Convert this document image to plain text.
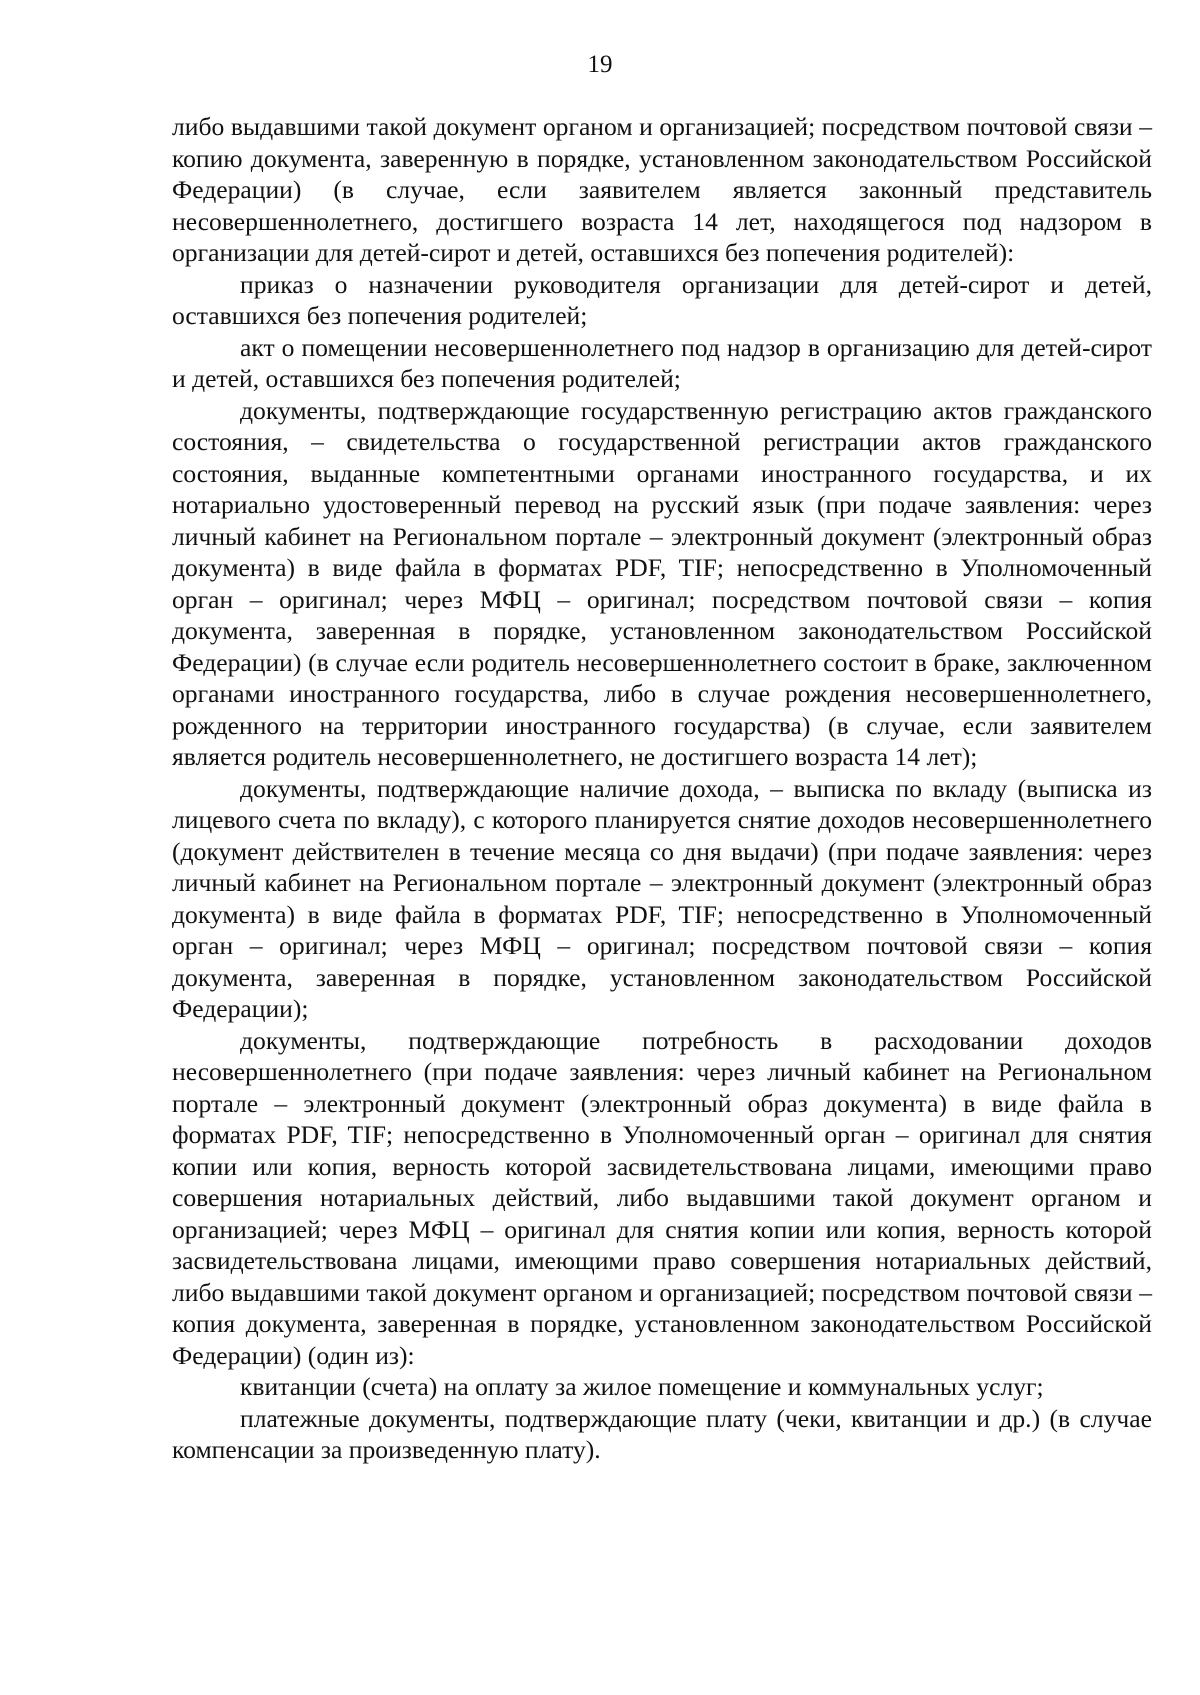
19

либо выдавшими такой документ органом и организацией; посредством почтовой связи – копию документа, заверенную в порядке, установленном законодательством Российской Федерации) (в случае, если заявителем является законный представитель несовершеннолетнего, достигшего возраста 14 лет, находящегося под надзором в организации для детей-сирот и детей, оставшихся без попечения родителей):

приказ о назначении руководителя организации для детей-сирот и детей, оставшихся без попечения родителей;

акт о помещении несовершеннолетнего под надзор в организацию для детей-сирот и детей, оставшихся без попечения родителей;

документы, подтверждающие государственную регистрацию актов гражданского состояния, – свидетельства о государственной регистрации актов гражданского состояния, выданные компетентными органами иностранного государства, и их нотариально удостоверенный перевод на русский язык (при подаче заявления: через личный кабинет на Региональном портале – электронный документ (электронный образ документа) в виде файла в форматах PDF, TIF; непосредственно в Уполномоченный орган – оригинал; через МФЦ – оригинал; посредством почтовой связи – копия документа, заверенная в порядке, установленном законодательством Российской Федерации) (в случае если родитель несовершеннолетнего состоит в браке, заключенном органами иностранного государства, либо в случае рождения несовершеннолетнего, рожденного на территории иностранного государства) (в случае, если заявителем является родитель несовершеннолетнего, не достигшего возраста 14 лет);

документы, подтверждающие наличие дохода, – выписка по вкладу (выписка из лицевого счета по вкладу), с которого планируется снятие доходов несовершеннолетнего (документ действителен в течение месяца со дня выдачи) (при подаче заявления: через личный кабинет на Региональном портале – электронный документ (электронный образ документа) в виде файла в форматах PDF, TIF; непосредственно в Уполномоченный орган – оригинал; через МФЦ – оригинал; посредством почтовой связи – копия документа, заверенная в порядке, установленном законодательством Российской Федерации);

документы, подтверждающие потребность в расходовании доходов несовершеннолетнего (при подаче заявления: через личный кабинет на Региональном портале – электронный документ (электронный образ документа) в виде файла в форматах PDF, TIF; непосредственно в Уполномоченный орган – оригинал для снятия копии или копия, верность которой засвидетельствована лицами, имеющими право совершения нотариальных действий, либо выдавшими такой документ органом и организацией; через МФЦ – оригинал для снятия копии или копия, верность которой засвидетельствована лицами, имеющими право совершения нотариальных действий, либо выдавшими такой документ органом и организацией; посредством почтовой связи – копия документа, заверенная в порядке, установленном законодательством Российской Федерации) (один из):

квитанции (счета) на оплату за жилое помещение и коммунальных услуг;

платежные документы, подтверждающие плату (чеки, квитанции и др.) (в случае компенсации за произведенную плату).
